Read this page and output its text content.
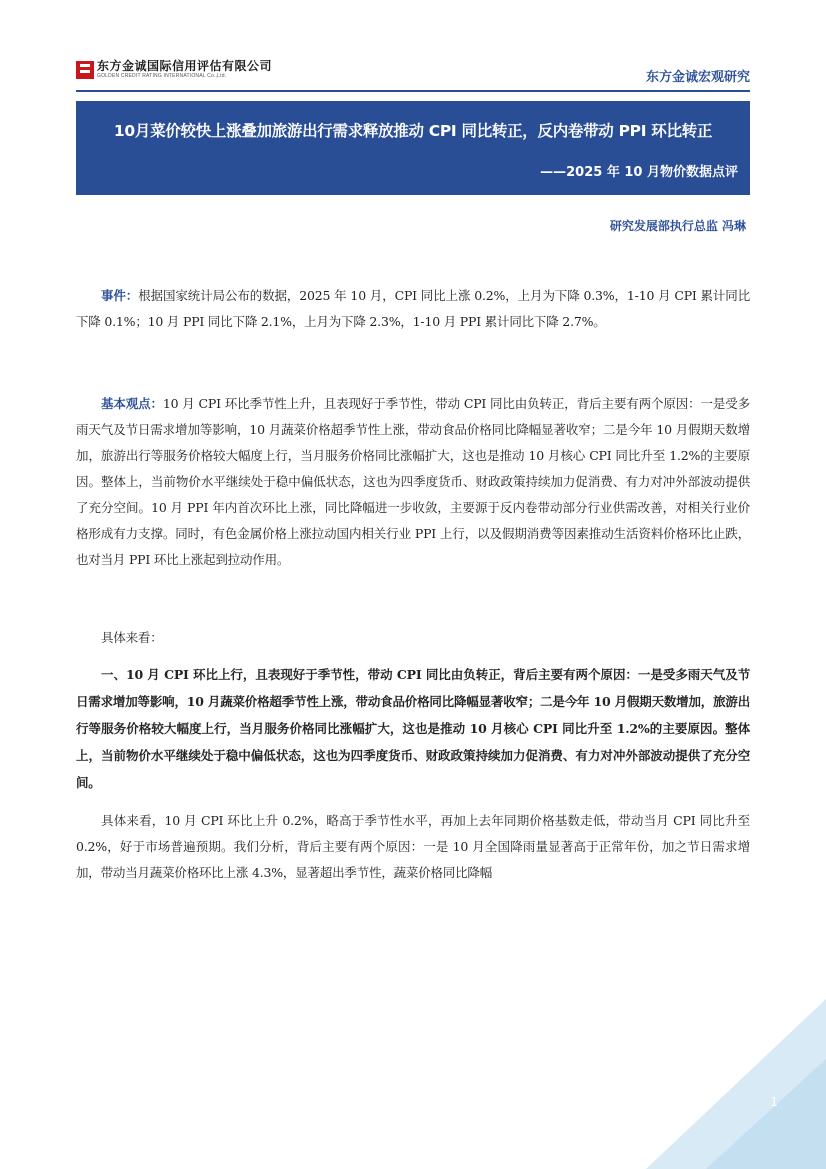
东方金诚国际信用评估有限公司
GOLDEN CREDIT RATING INTERNATIONAL Co.,Ltd.	东方金诚宏观研究
10月菜价较快上涨叠加旅游出行需求释放推动 CPI 同比转正，反内卷带动 PPI 环比转正
——2025 年 10 月物价数据点评
研究发展部执行总监 冯琳

事件：根据国家统计局公布的数据，2025 年 10 月，CPI 同比上涨 0.2%，上月为下降 0.3%，1-10 月 CPI 累计同比下降 0.1%；10 月 PPI 同比下降 2.1%，上月为下降 2.3%，1-10 月 PPI 累计同比下降 2.7%。

基本观点：10 月 CPI 环比季节性上升，且表现好于季节性，带动 CPI 同比由负转正，背后主要有两个原因：一是受多雨天气及节日需求增加等影响，10 月蔬菜价格超季节性上涨，带动食品价格同比降幅显著收窄；二是今年 10 月假期天数增加，旅游出行等服务价格较大幅度上行，当月服务价格同比涨幅扩大，这也是推动 10 月核心 CPI 同比升至 1.2%的主要原因。整体上，当前物价水平继续处于稳中偏低状态，这也为四季度货币、财政政策持续加力促消费、有力对冲外部波动提供了充分空间。10 月 PPI 年内首次环比上涨，同比降幅进一步收敛，主要源于反内卷带动部分行业供需改善，对相关行业价格形成有力支撑。同时，有色金属价格上涨拉动国内相关行业 PPI 上行，以及假期消费等因素推动生活资料价格环比止跌，也对当月 PPI 环比上涨起到拉动作用。

具体来看：

一、10 月 CPI 环比上行，且表现好于季节性，带动 CPI 同比由负转正，背后主要有两个原因：一是受多雨天气及节日需求增加等影响，10 月蔬菜价格超季节性上涨，带动食品价格同比降幅显著收窄；二是今年 10 月假期天数增加，旅游出行等服务价格较大幅度上行，当月服务价格同比涨幅扩大，这也是推动 10 月核心 CPI 同比升至 1.2%的主要原因。整体上，当前物价水平继续处于稳中偏低状态，这也为四季度货币、财政政策持续加力促消费、有力对冲外部波动提供了充分空间。

具体来看，10 月 CPI 环比上升 0.2%，略高于季节性水平，再加上去年同期价格基数走低，带动当月 CPI 同比升至 0.2%，好于市场普遍预期。我们分析，背后主要有两个原因：一是 10 月全国降雨量显著高于正常年份，加之节日需求增加，带动当月蔬菜价格环比上涨 4.3%，显著超出季节性，蔬菜价格同比降幅

1
